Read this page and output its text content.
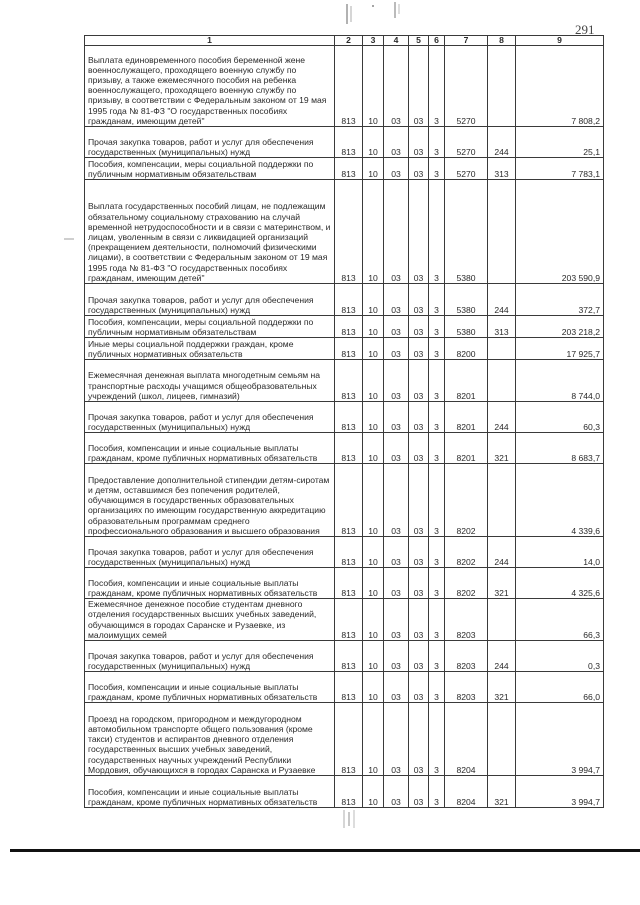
291
1	2	3	4	5	6	7	8	9
Выплата единовременного пособия беременной жене военнослужащего, проходящего военную службу по призыву, а также ежемесячного пособия на ребенка военнослужащего, проходящего военную службу по призыву, в соответствии с Федеральным законом от 19 мая 1995 года № 81-ФЗ "О государственных пособиях гражданам, имеющим детей"	813	10	03	03	3	5270		7 808,2
Прочая закупка товаров, работ и услуг для обеспечения государственных (муниципальных) нужд	813	10	03	03	3	5270	244	25,1
Пособия, компенсации, меры социальной поддержки по публичным нормативным обязательствам	813	10	03	03	3	5270	313	7 783,1
Выплата государственных пособий лицам, не подлежащим обязательному социальному страхованию на случай временной нетрудоспособности и в связи с материнством, и лицам, уволенным в связи с ликвидацией организаций (прекращением деятельности, полномочий физическими лицами), в соответствии с Федеральным законом от 19 мая 1995 года № 81-ФЗ "О государственных пособиях гражданам, имеющим детей"	813	10	03	03	3	5380		203 590,9
Прочая закупка товаров, работ и услуг для обеспечения государственных (муниципальных) нужд	813	10	03	03	3	5380	244	372,7
Пособия, компенсации, меры социальной поддержки по публичным нормативным обязательствам	813	10	03	03	3	5380	313	203 218,2
Иные меры социальной поддержки граждан, кроме публичных нормативных обязательств	813	10	03	03	3	8200		17 925,7
Ежемесячная денежная выплата многодетным семьям на транспортные расходы учащимся общеобразовательных учреждений (школ, лицеев, гимназий)	813	10	03	03	3	8201		8 744,0
Прочая закупка товаров, работ и услуг для обеспечения государственных (муниципальных) нужд	813	10	03	03	3	8201	244	60,3
Пособия, компенсации и иные социальные выплаты гражданам, кроме публичных нормативных обязательств	813	10	03	03	3	8201	321	8 683,7
Предоставление дополнительной стипендии детям-сиротам и детям, оставшимся без попечения родителей, обучающимся в государственных образовательных организациях по имеющим государственную аккредитацию образовательным программам среднего профессионального образования и высшего образования	813	10	03	03	3	8202		4 339,6
Прочая закупка товаров, работ и услуг для обеспечения государственных (муниципальных) нужд	813	10	03	03	3	8202	244	14,0
Пособия, компенсации и иные социальные выплаты гражданам, кроме публичных нормативных обязательств	813	10	03	03	3	8202	321	4 325,6
Ежемесячное денежное пособие студентам дневного отделения государственных высших учебных заведений, обучающимся в городах Саранске и Рузаевке, из малоимущих семей	813	10	03	03	3	8203		66,3
Прочая закупка товаров, работ и услуг для обеспечения государственных (муниципальных) нужд	813	10	03	03	3	8203	244	0,3
Пособия, компенсации и иные социальные выплаты гражданам, кроме публичных нормативных обязательств	813	10	03	03	3	8203	321	66,0
Проезд на городском, пригородном и междугородном автомобильном транспорте общего пользования (кроме такси) студентов и аспирантов дневного отделения государственных высших учебных заведений, государственных научных учреждений Республики Мордовия, обучающихся в городах Саранска и Рузаевке	813	10	03	03	3	8204		3 994,7
Пособия, компенсации и иные социальные выплаты гражданам, кроме публичных нормативных обязательств	813	10	03	03	3	8204	321	3 994,7
